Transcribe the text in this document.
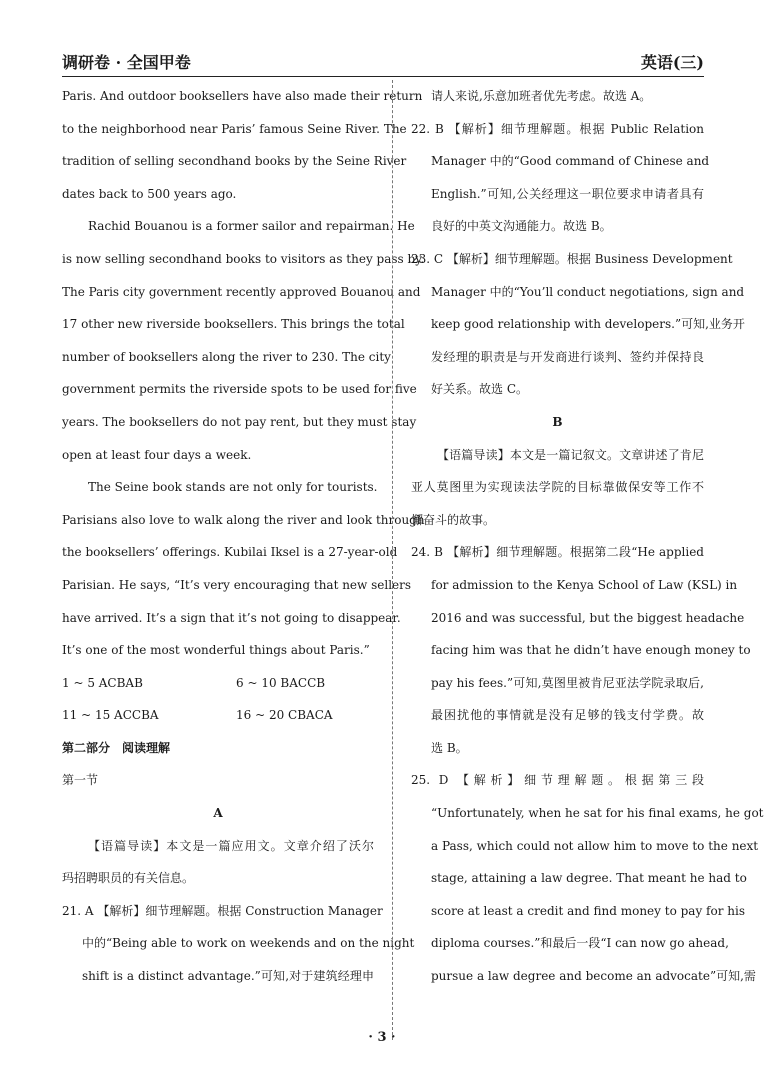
调研卷 · 全国甲卷	英语(三)
Paris. And outdoor booksellers have also made their return
to the neighborhood near Paris’ famous Seine River. The
tradition of selling secondhand books by the Seine River
dates back to 500 years ago.
Rachid Bouanou is a former sailor and repairman. He
is now selling secondhand books to visitors as they pass by.
The Paris city government recently approved Bouanou and
17 other new riverside booksellers. This brings the total
number of booksellers along the river to 230. The city
government permits the riverside spots to be used for five
years. The booksellers do not pay rent, but they must stay
open at least four days a week.
The Seine book stands are not only for tourists.
Parisians also love to walk along the river and look through
the booksellers’ offerings. Kubilai Iksel is a 27-year-old
Parisian. He says, “It’s very encouraging that new sellers
have arrived. It’s a sign that it’s not going to disappear.
It’s one of the most wonderful things about Paris.”
1 ~ 5 ACBAB	6 ~ 10 BACCB
11 ~ 15 ACCBA	16 ~ 20 CBACA
第二部分　阅读理解
第一节
A
【语篇导读】本文是一篇应用文。文章介绍了沃尔
玛招聘职员的有关信息。
21. A 【解析】细节理解题。根据 Construction Manager
中的“Being able to work on weekends and on the night
shift is a distinct advantage.”可知,对于建筑经理申
请人来说,乐意加班者优先考虑。故选 A。
22. B 【解析】细节理解题。根据 Public Relation
Manager 中的“Good command of Chinese and
English.”可知,公关经理这一职位要求申请者具有
良好的中英文沟通能力。故选 B。
23. C 【解析】细节理解题。根据 Business Development
Manager 中的“You’ll conduct negotiations, sign and
keep good relationship with developers.”可知,业务开
发经理的职责是与开发商进行谈判、签约并保持良
好关系。故选 C。
B
【语篇导读】本文是一篇记叙文。文章讲述了肯尼
亚人莫图里为实现读法学院的目标靠做保安等工作不
懈奋斗的故事。
24. B 【解析】细节理解题。根据第二段“He applied
for admission to the Kenya School of Law (KSL) in
2016 and was successful, but the biggest headache
facing him was that he didn’t have enough money to
pay his fees.”可知,莫图里被肯尼亚法学院录取后,
最困扰他的事情就是没有足够的钱支付学费。故
选 B。
25. D 【解析】细节理解题。根据第三段
“Unfortunately, when he sat for his final exams, he got
a Pass, which could not allow him to move to the next
stage, attaining a law degree. That meant he had to
score at least a credit and find money to pay for his
diploma courses.”和最后一段“I can now go ahead,
pursue a law degree and become an advocate”可知,需
· 3 ·
